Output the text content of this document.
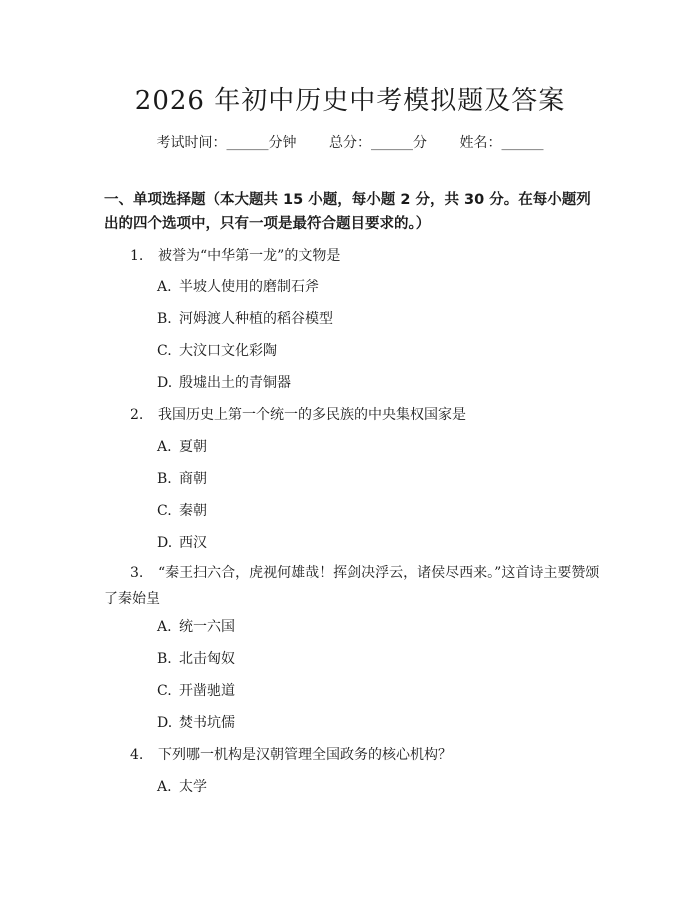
2026 年初中历史中考模拟题及答案
考试时间：______分钟 总分：______分 姓名：______
一、单项选择题（本大题共 15 小题，每小题 2 分，共 30 分。在每小题列出的四个选项中，只有一项是最符合题目要求的。）
1. 被誉为“中华第一龙”的文物是
A. 半坡人使用的磨制石斧
B. 河姆渡人种植的稻谷模型
C. 大汶口文化彩陶
D. 殷墟出土的青铜器
2. 我国历史上第一个统一的多民族的中央集权国家是
A. 夏朝
B. 商朝
C. 秦朝
D. 西汉
3. “秦王扫六合，虎视何雄哉！挥剑决浮云，诸侯尽西来。”这首诗主要赞颂了秦始皇
A. 统一六国
B. 北击匈奴
C. 开凿驰道
D. 焚书坑儒
4. 下列哪一机构是汉朝管理全国政务的核心机构？
A. 太学
